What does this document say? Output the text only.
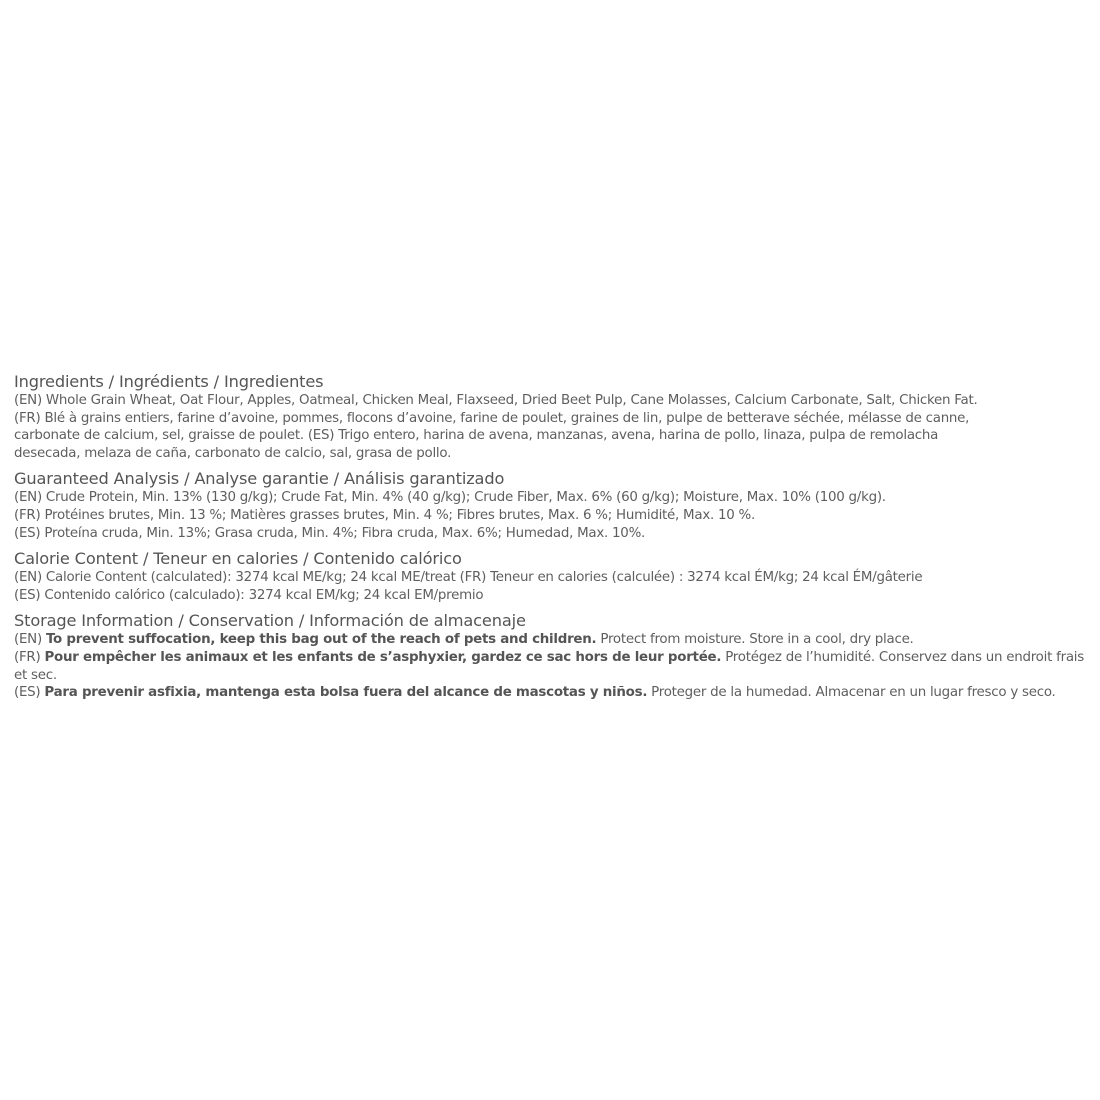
Ingredients / Ingrédients / Ingredientes
(EN) Whole Grain Wheat, Oat Flour, Apples, Oatmeal, Chicken Meal, Flaxseed, Dried Beet Pulp, Cane Molasses, Calcium Carbonate, Salt, Chicken Fat.
(FR) Blé à grains entiers, farine d’avoine, pommes, flocons d’avoine, farine de poulet, graines de lin, pulpe de betterave séchée, mélasse de canne,
carbonate de calcium, sel, graisse de poulet. (ES) Trigo entero, harina de avena, manzanas, avena, harina de pollo, linaza, pulpa de remolacha
desecada, melaza de caña, carbonato de calcio, sal, grasa de pollo.
Guaranteed Analysis / Analyse garantie / Análisis garantizado
(EN) Crude Protein, Min. 13% (130 g/kg); Crude Fat, Min. 4% (40 g/kg); Crude Fiber, Max. 6% (60 g/kg); Moisture, Max. 10% (100 g/kg).
(FR) Protéines brutes, Min. 13 %; Matières grasses brutes, Min. 4 %; Fibres brutes, Max. 6 %; Humidité, Max. 10 %.
(ES) Proteína cruda, Min. 13%; Grasa cruda, Min. 4%; Fibra cruda, Max. 6%; Humedad, Max. 10%.
Calorie Content / Teneur en calories / Contenido calórico
(EN) Calorie Content (calculated): 3274 kcal ME/kg; 24 kcal ME/treat (FR) Teneur en calories (calculée) : 3274 kcal ÉM/kg; 24 kcal ÉM/gâterie
(ES) Contenido calórico (calculado): 3274 kcal EM/kg; 24 kcal EM/premio
Storage Information / Conservation / Información de almacenaje
(EN) To prevent suffocation, keep this bag out of the reach of pets and children. Protect from moisture. Store in a cool, dry place.
(FR) Pour empêcher les animaux et les enfants de s’asphyxier, gardez ce sac hors de leur portée. Protégez de l’humidité. Conservez dans un endroit frais et sec.
(ES) Para prevenir asfixia, mantenga esta bolsa fuera del alcance de mascotas y niños. Proteger de la humedad. Almacenar en un lugar fresco y seco.
